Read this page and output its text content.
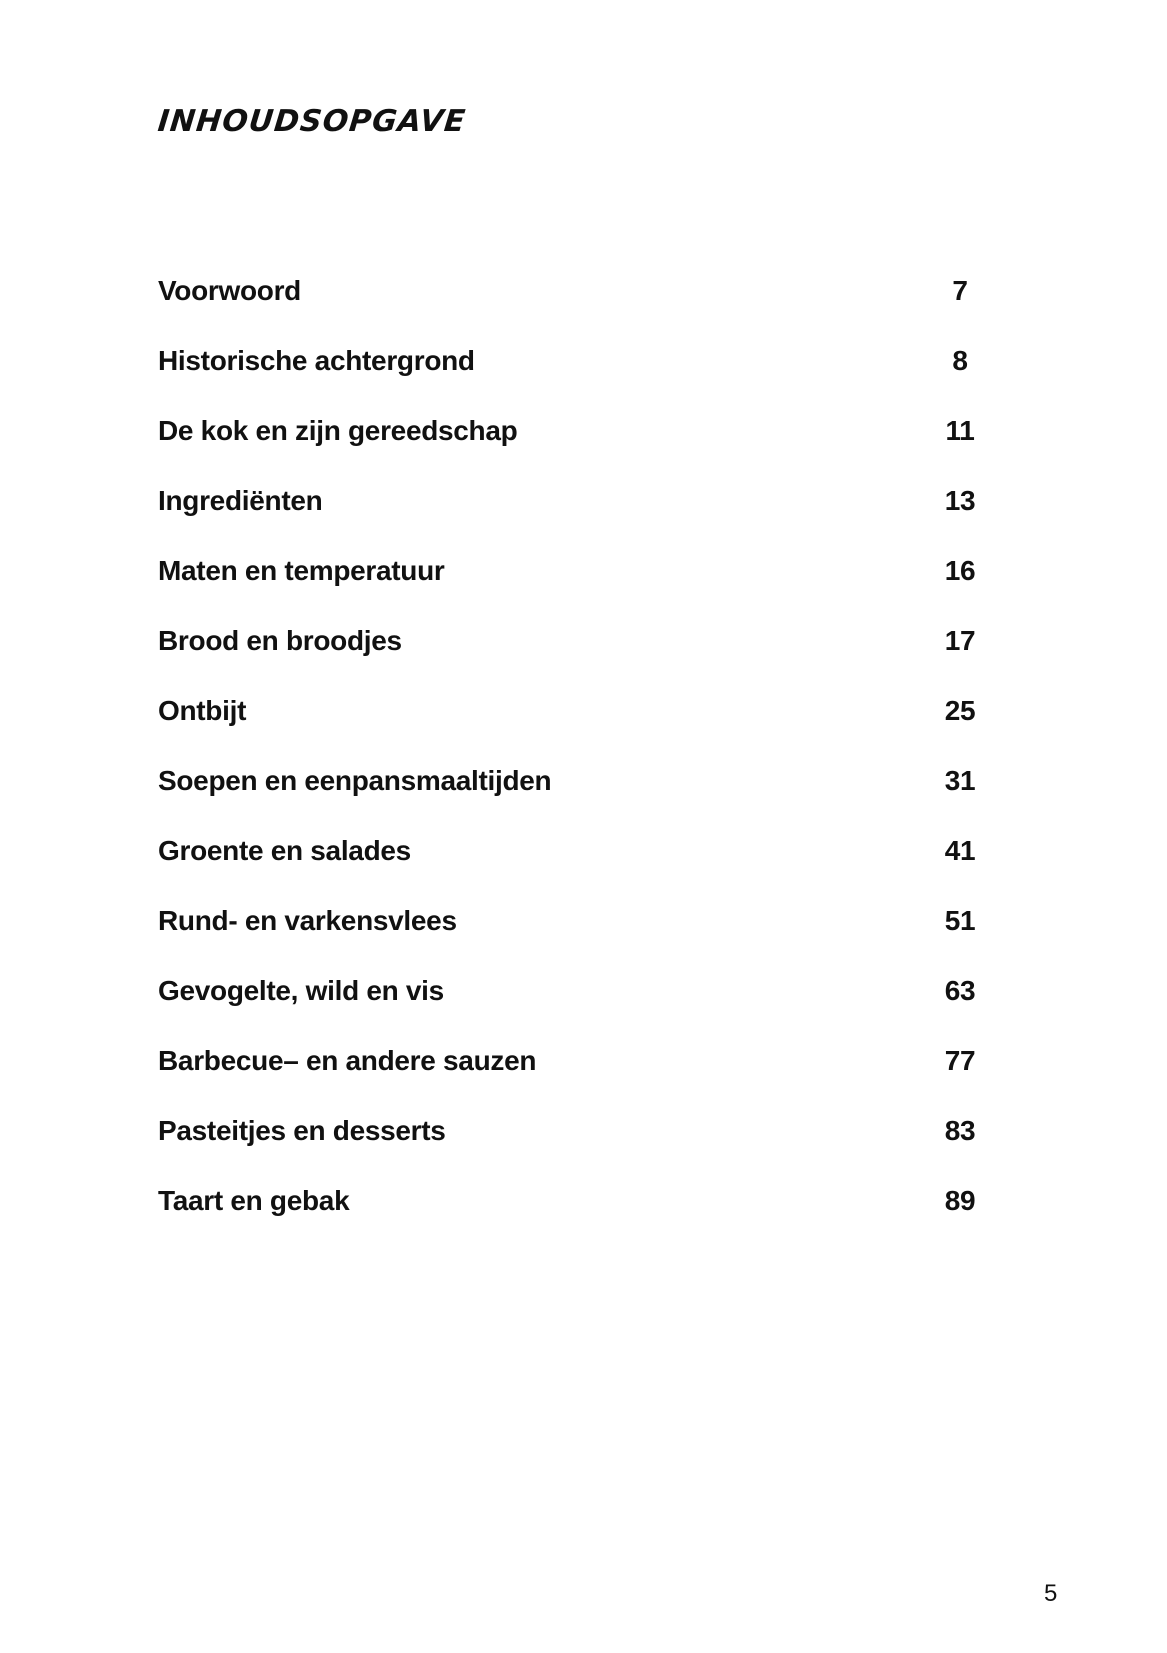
INHOUDSOPGAVE
Voorwoord	7
Historische achtergrond	8
De kok en zijn gereedschap	11
Ingrediënten	13
Maten en temperatuur	16
Brood en broodjes	17
Ontbijt	25
Soepen en eenpansmaaltijden	31
Groente en salades	41
Rund- en varkensvlees	51
Gevogelte, wild en vis	63
Barbecue– en andere sauzen	77
Pasteitjes en desserts	83
Taart en gebak	89
5
